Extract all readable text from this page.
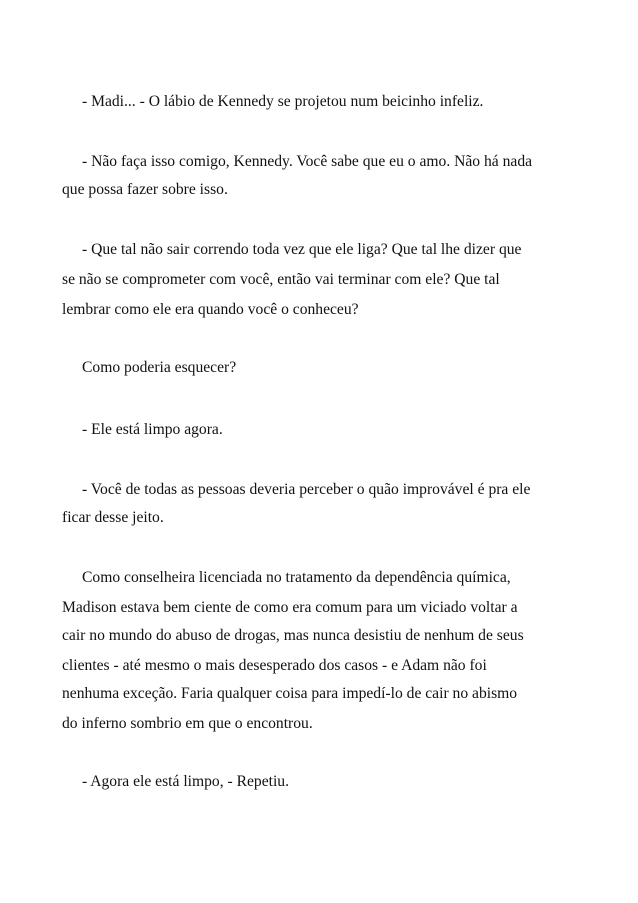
- Madi... - O lábio de Kennedy se projetou num beicinho infeliz.

- Não faça isso comigo, Kennedy. Você sabe que eu o amo. Não há nada

que possa fazer sobre isso.

- Que tal não sair correndo toda vez que ele liga? Que tal lhe dizer que

se não se comprometer com você, então vai terminar com ele? Que tal

lembrar como ele era quando você o conheceu?

Como poderia esquecer?

- Ele está limpo agora.

- Você de todas as pessoas deveria perceber o quão improvável é pra ele

ficar desse jeito.

Como conselheira licenciada no tratamento da dependência química,

Madison estava bem ciente de como era comum para um viciado voltar a

cair no mundo do abuso de drogas, mas nunca desistiu de nenhum de seus

clientes - até mesmo o mais desesperado dos casos - e Adam não foi

nenhuma exceção. Faria qualquer coisa para impedí-lo de cair no abismo

do inferno sombrio em que o encontrou.

- Agora ele está limpo, - Repetiu.
